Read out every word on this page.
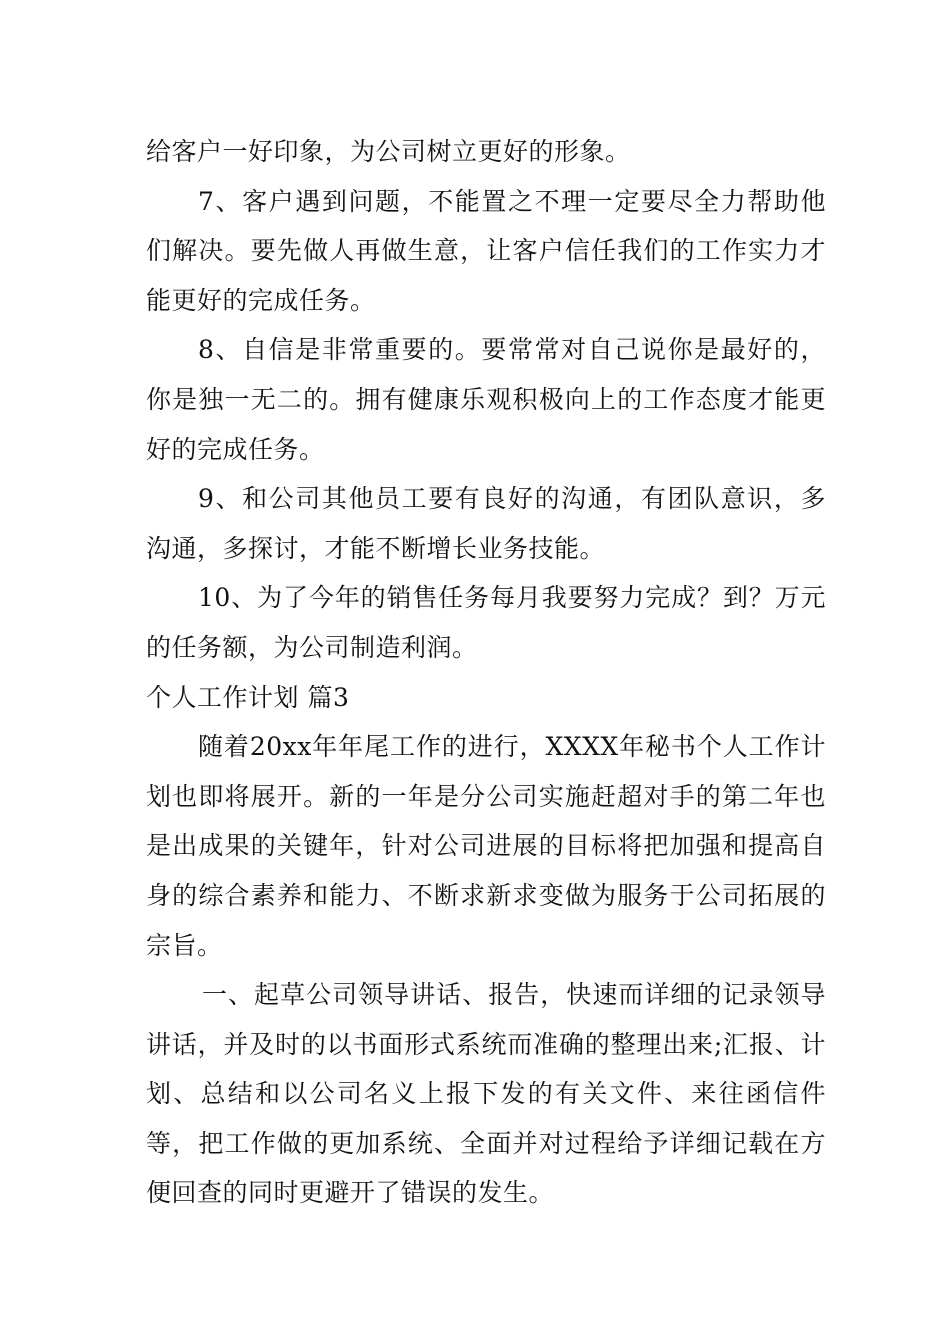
给客户一好印象，为公司树立更好的形象。

7、客户遇到问题，不能置之不理一定要尽全力帮助他们解决。要先做人再做生意，让客户信任我们的工作实力才能更好的完成任务。

8、自信是非常重要的。要常常对自己说你是最好的，你是独一无二的。拥有健康乐观积极向上的工作态度才能更好的完成任务。

9、和公司其他员工要有良好的沟通，有团队意识，多沟通，多探讨，才能不断增长业务技能。

10、为了今年的销售任务每月我要努力完成？到？万元的任务额，为公司制造利润。

个人工作计划 篇3

随着20xx年年尾工作的进行，XXXX年秘书个人工作计划也即将展开。新的一年是分公司实施赶超对手的第二年也是出成果的关键年，针对公司进展的目标将把加强和提高自身的综合素养和能力、不断求新求变做为服务于公司拓展的宗旨。

一、起草公司领导讲话、报告，快速而详细的记录领导讲话，并及时的以书面形式系统而准确的整理出来;汇报、计划、总结和以公司名义上报下发的有关文件、来往函信件等，把工作做的更加系统、全面并对过程给予详细记载在方便回查的同时更避开了错误的发生。
